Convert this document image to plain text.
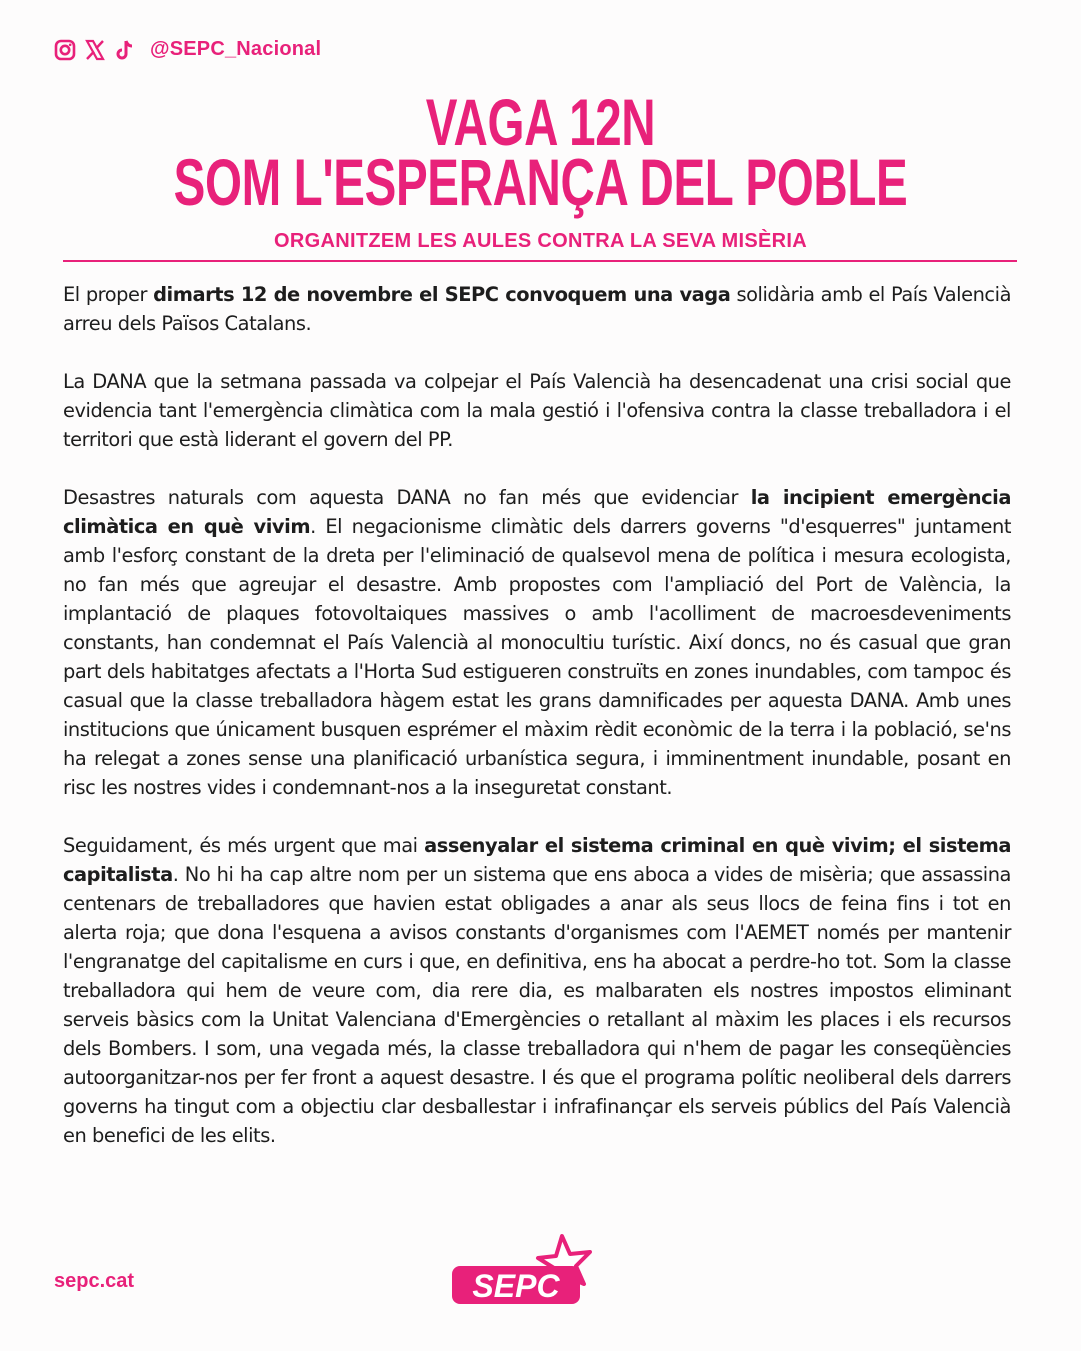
@SEPC_Nacional
VAGA 12N
SOM L'ESPERANÇA DEL POBLE
ORGANITZEM LES AULES CONTRA LA SEVA MISÈRIA

El proper dimarts 12 de novembre el SEPC convoquem una vaga solidària amb el País Valencià arreu dels Països Catalans.

La DANA que la setmana passada va colpejar el País Valencià ha desencadenat una crisi social que evidencia tant l'emergència climàtica com la mala gestió i l'ofensiva contra la classe treballadora i el territori que està liderant el govern del PP.

Desastres naturals com aquesta DANA no fan més que evidenciar la incipient emergència climàtica en què vivim. El negacionisme climàtic dels darrers governs "d'esquerres" juntament amb l'esforç constant de la dreta per l'eliminació de qualsevol mena de política i mesura ecologista, no fan més que agreujar el desastre. Amb propostes com l'ampliació del Port de València, la implantació de plaques fotovoltaiques massives o amb l'acolliment de macroesdeveniments constants, han condemnat el País Valencià al monocultiu turístic. Així doncs, no és casual que gran part dels habitatges afectats a l'Horta Sud estigueren construïts en zones inundables, com tampoc és casual que la classe treballadora hàgem estat les grans damnificades per aquesta DANA. Amb unes institucions que únicament busquen esprémer el màxim rèdit econòmic de la terra i la població, se'ns ha relegat a zones sense una planificació urbanística segura, i imminentment inundable, posant en risc les nostres vides i condemnant-nos a la inseguretat constant.

Seguidament, és més urgent que mai assenyalar el sistema criminal en què vivim; el sistema capitalista. No hi ha cap altre nom per un sistema que ens aboca a vides de misèria; que assassina centenars de treballadores que havien estat obligades a anar als seus llocs de feina fins i tot en alerta roja; que dona l'esquena a avisos constants d'organismes com l'AEMET només per mantenir l'engranatge del capitalisme en curs i que, en definitiva, ens ha abocat a perdre-ho tot. Som la classe treballadora qui hem de veure com, dia rere dia, es malbaraten els nostres impostos eliminant serveis bàsics com la Unitat Valenciana d'Emergències o retallant al màxim les places i els recursos dels Bombers. I som, una vegada més, la classe treballadora qui n'hem de pagar les conseqüències autoorganitzar-nos per fer front a aquest desastre. I és que el programa polític neoliberal dels darrers governs ha tingut com a objectiu clar desballestar i infrafinançar els serveis públics del País Valencià en benefici de les elits.

sepc.cat	SEPC
